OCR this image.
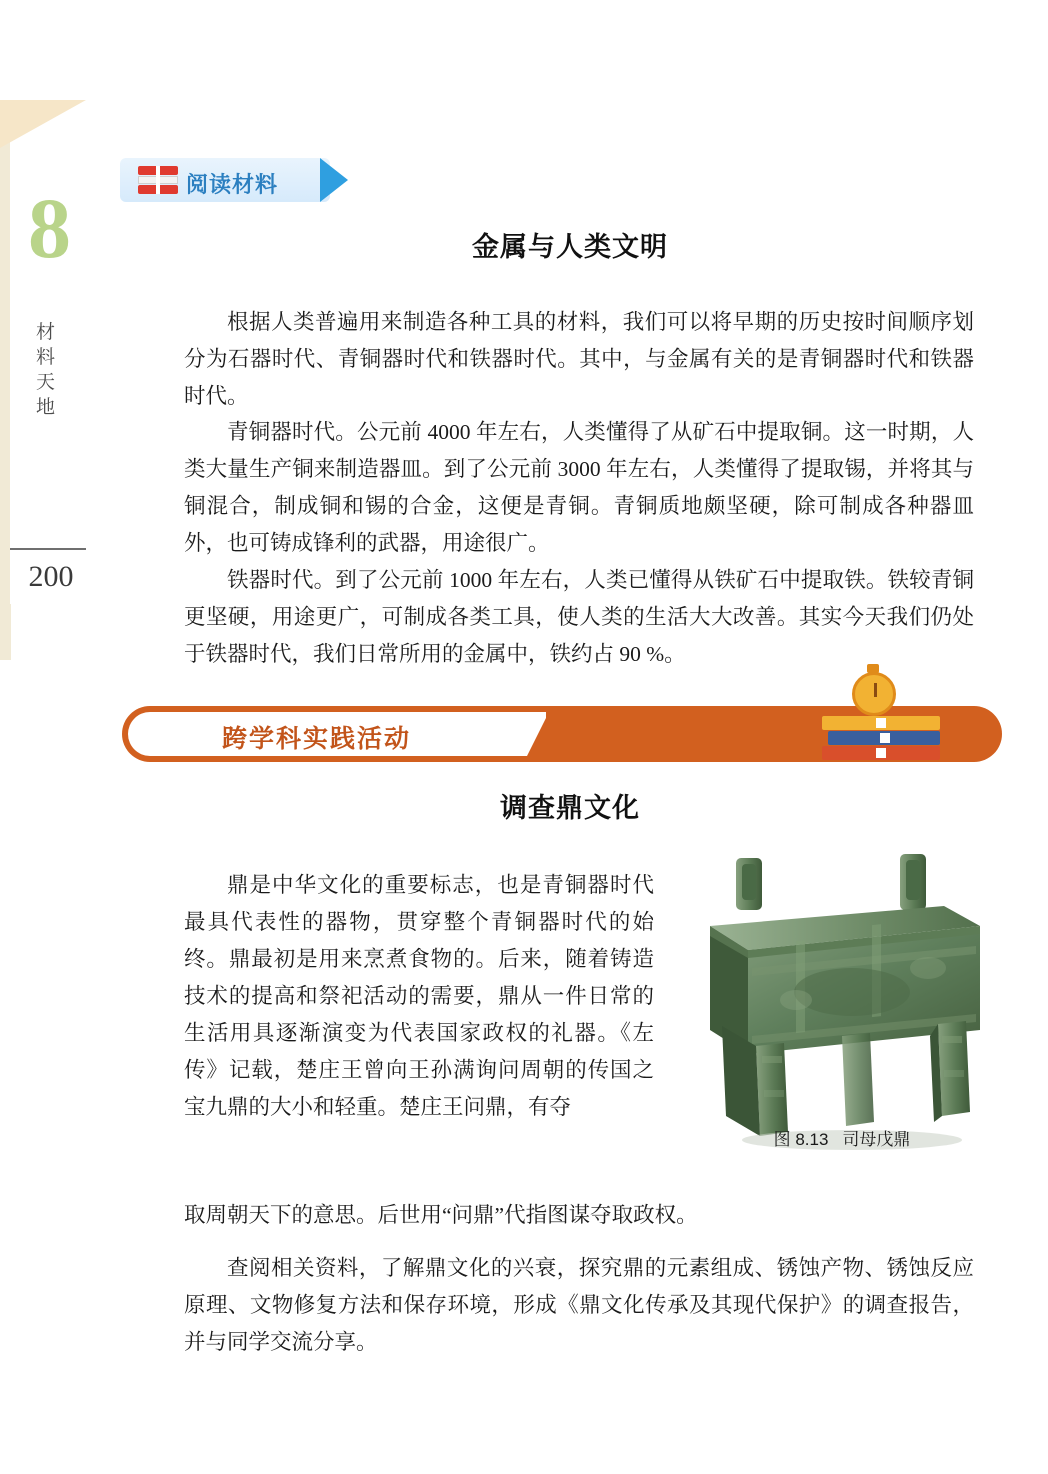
8
材料天地
200
阅读材料
金属与人类文明

根据人类普遍用来制造各种工具的材料，我们可以将早期的历史按时间顺序划分为石器时代、青铜器时代和铁器时代。其中，与金属有关的是青铜器时代和铁器时代。

青铜器时代。公元前 4000 年左右，人类懂得了从矿石中提取铜。这一时期，人类大量生产铜来制造器皿。到了公元前 3000 年左右，人类懂得了提取锡，并将其与铜混合，制成铜和锡的合金，这便是青铜。青铜质地颇坚硬，除可制成各种器皿外，也可铸成锋利的武器，用途很广。

铁器时代。到了公元前 1000 年左右，人类已懂得从铁矿石中提取铁。铁较青铜更坚硬，用途更广，可制成各类工具，使人类的生活大大改善。其实今天我们仍处于铁器时代，我们日常所用的金属中，铁约占 90 %。

跨学科实践活动
调查鼎文化

鼎是中华文化的重要标志，也是青铜器时代最具代表性的器物，贯穿整个青铜器时代的始终。鼎最初是用来烹煮食物的。后来，随着铸造技术的提高和祭祀活动的需要，鼎从一件日常的生活用具逐渐演变为代表国家政权的礼器。《左传》记载，楚庄王曾向王孙满询问周朝的传国之宝九鼎的大小和轻重。楚庄王问鼎，有夺

图 8.13 司母戊鼎

取周朝天下的意思。后世用“问鼎”代指图谋夺取政权。

查阅相关资料，了解鼎文化的兴衰，探究鼎的元素组成、锈蚀产物、锈蚀反应原理、文物修复方法和保存环境，形成《鼎文化传承及其现代保护》的调查报告，并与同学交流分享。
